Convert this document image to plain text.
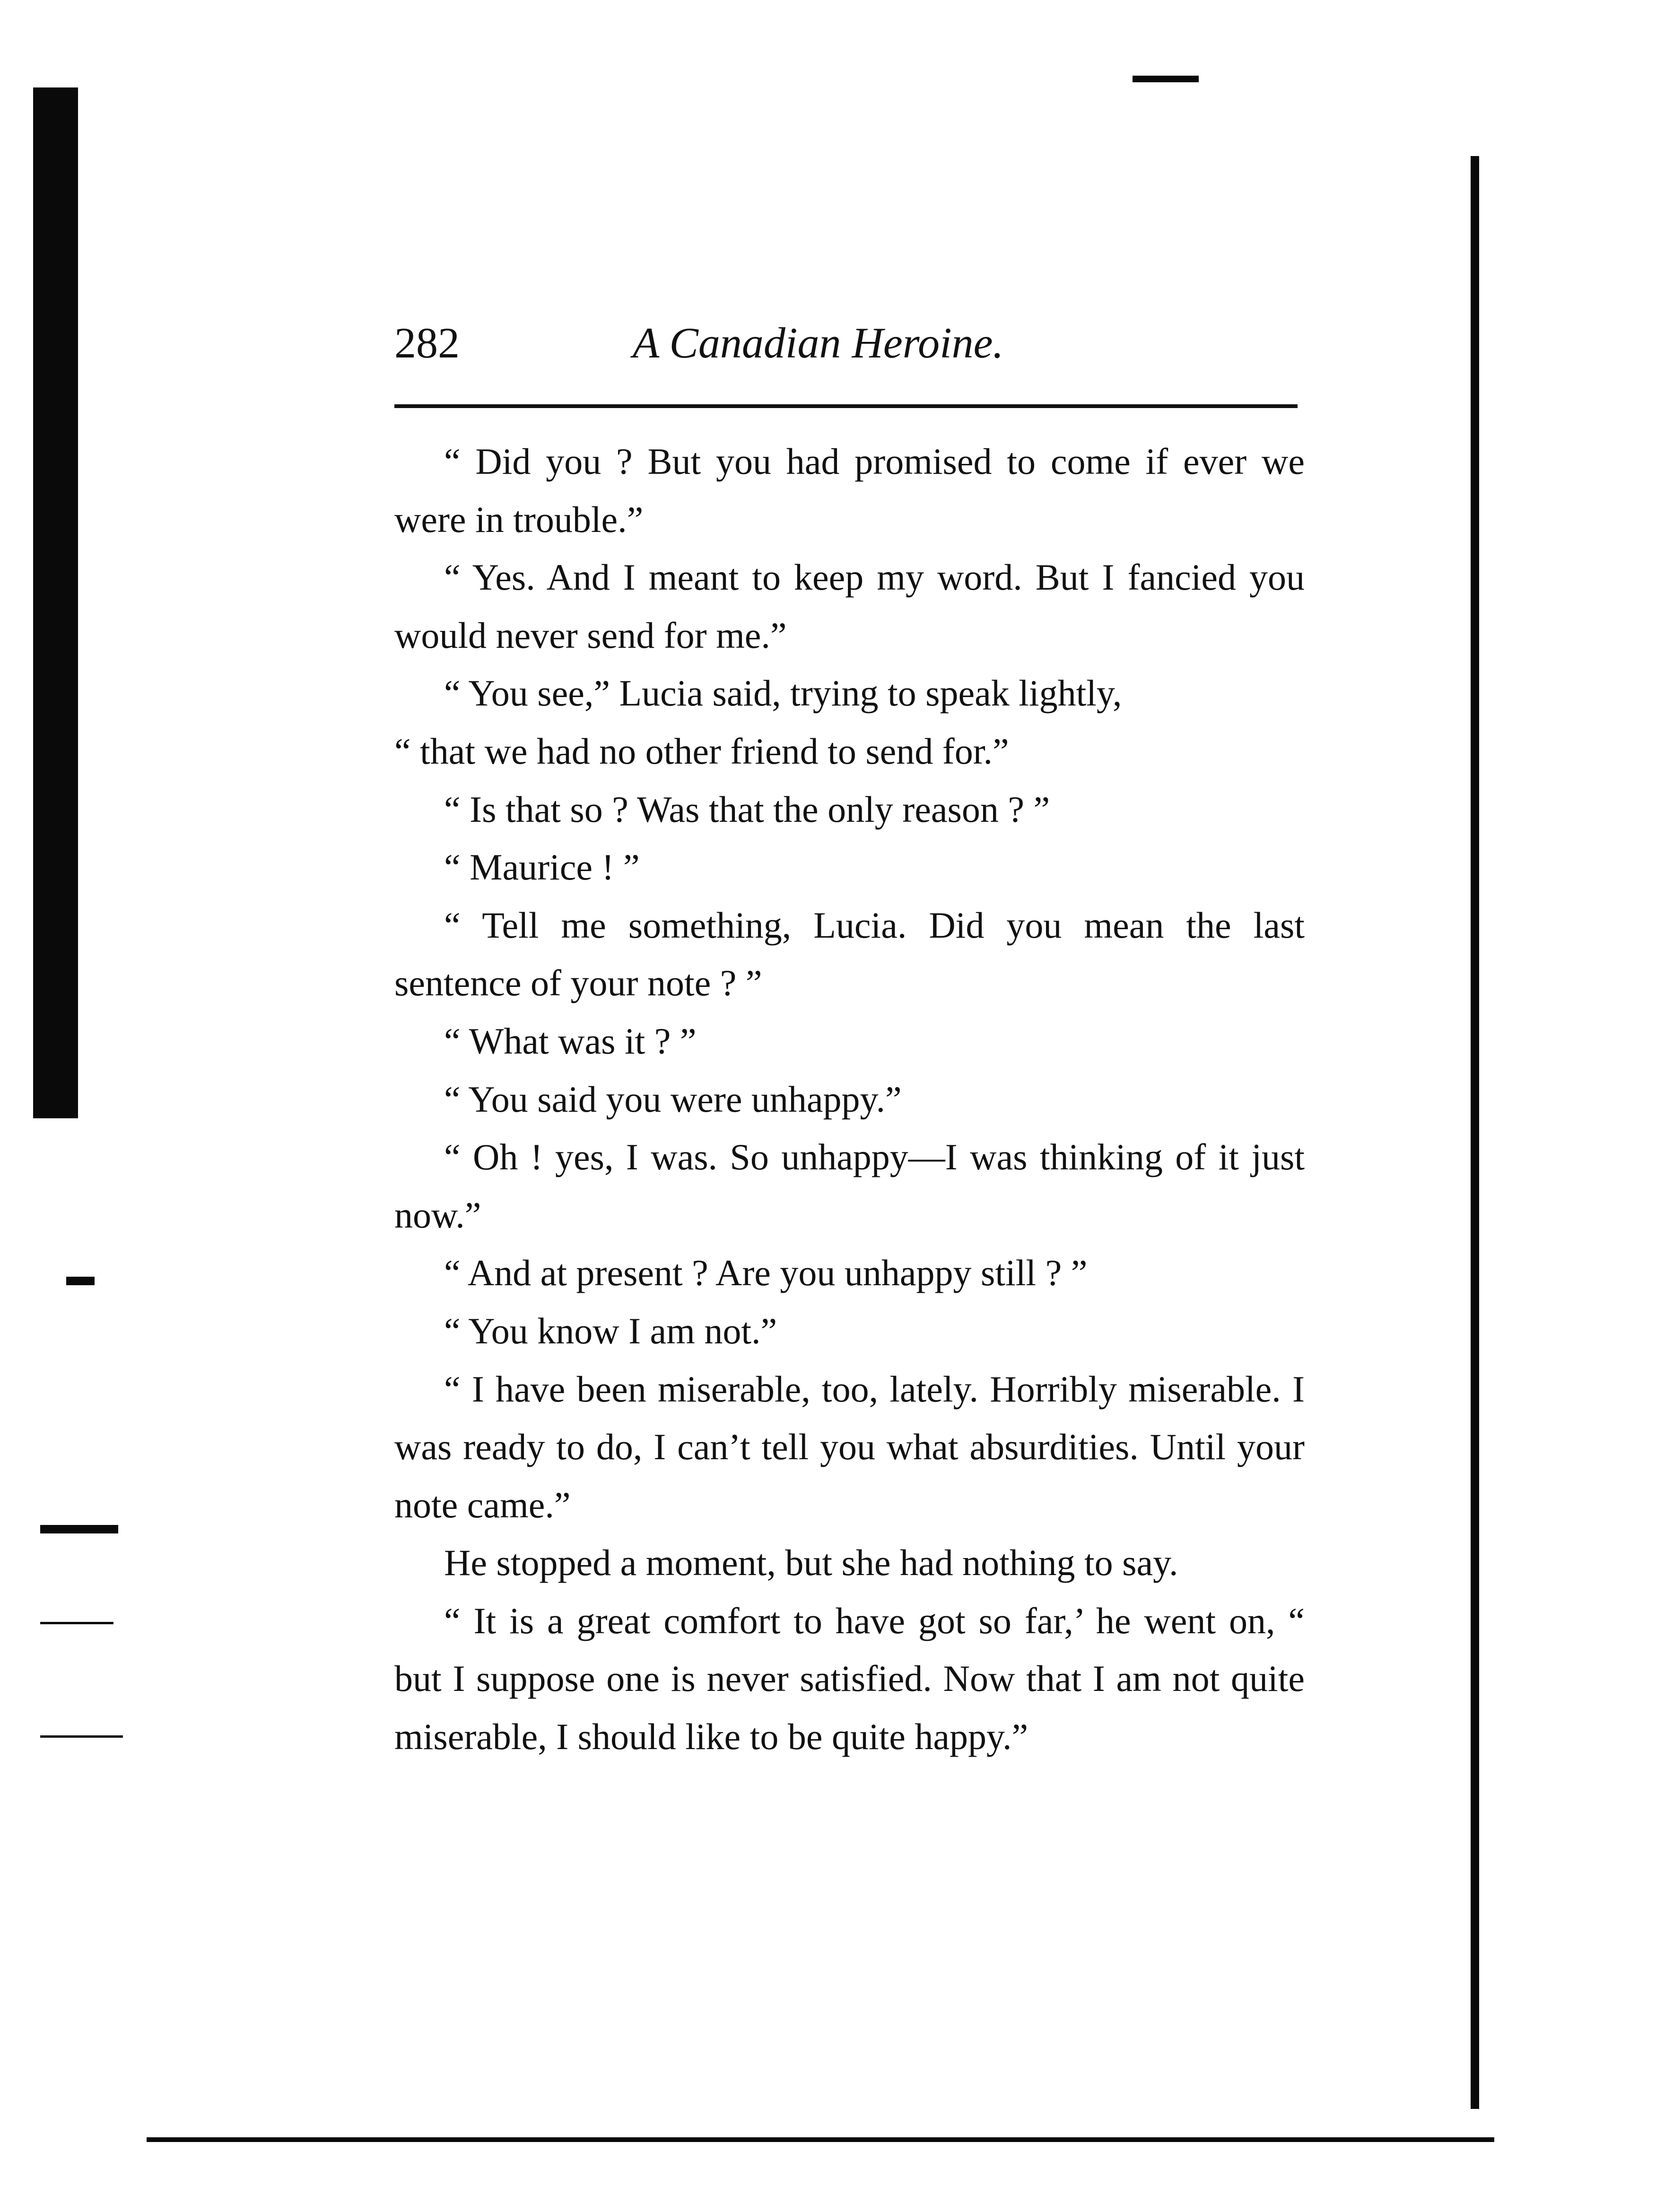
282	A Canadian Heroine.

“ Did you ? But you had promised to come if ever we were in trouble.”

“ Yes. And I meant to keep my word. But I fancied you would never send for me.”

“ You see,” Lucia said, trying to speak lightly,
“ that we had no other friend to send for.”

“ Is that so ? Was that the only reason ? ”

“ Maurice ! ”

“ Tell me something, Lucia. Did you mean the last sentence of your note ? ”

“ What was it ? ”

“ You said you were unhappy.”

“ Oh ! yes, I was. So unhappy—I was thinking of it just now.”

“ And at present ? Are you unhappy still ? ”

“ You know I am not.”

“ I have been miserable, too, lately. Horribly miserable. I was ready to do, I can’t tell you what absurdities. Until your note came.”

He stopped a moment, but she had nothing to say.

“ It is a great comfort to have got so far,’ he went on, “ but I suppose one is never satisfied. Now that I am not quite miserable, I should like to be quite happy.”
